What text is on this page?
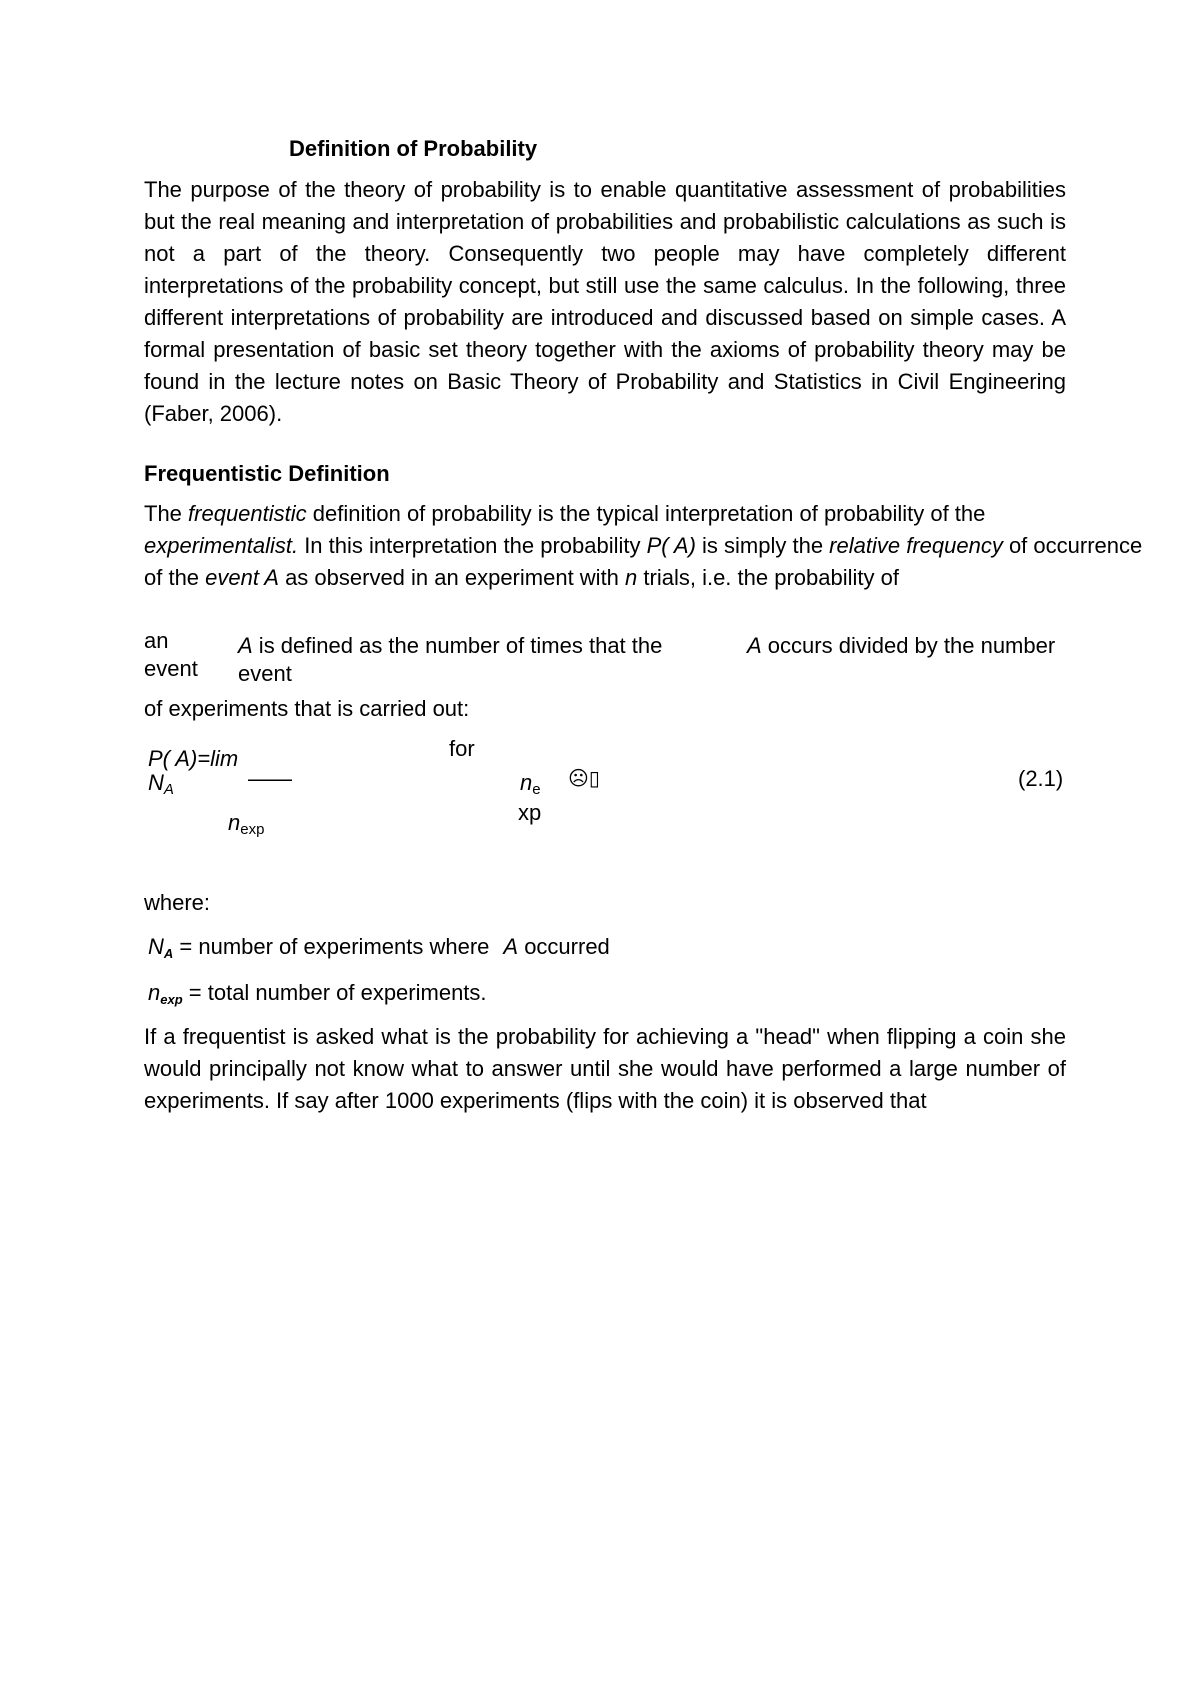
Definition of Probability

The purpose of the theory of probability is to enable quantitative assessment of probabilities but the real meaning and interpretation of probabilities and probabilistic calculations as such is not a part of the theory. Consequently two people may have completely different interpretations of the probability concept, but still use the same calculus. In the following, three different interpretations of probability are introduced and discussed based on simple cases. A formal presentation of basic set theory together with the axioms of probability theory may be found in the lecture notes on Basic Theory of Probability and Statistics in Civil Engineering (Faber, 2006).

Frequentistic Definition

The frequentistic definition of probability is the typical interpretation of probability of the experimentalist. In this interpretation the probability P( A) is simply the relative frequency of occurrence of the event A as observed in an experiment with n trials, i.e. the probability of

an
event
A is defined as the number of times that the
event
A occurs divided by the number
of experiments that is carried out:
P( A)=lim
NA	——
for
ne ☹▯
xp
nexp
(2.1)
where:
NA = number of experiments where A occurred
nexp = total number of experiments.

If a frequentist is asked what is the probability for achieving a "head" when flipping a coin she would principally not know what to answer until she would have performed a large number of experiments. If say after 1000 experiments (flips with the coin) it is observed that
